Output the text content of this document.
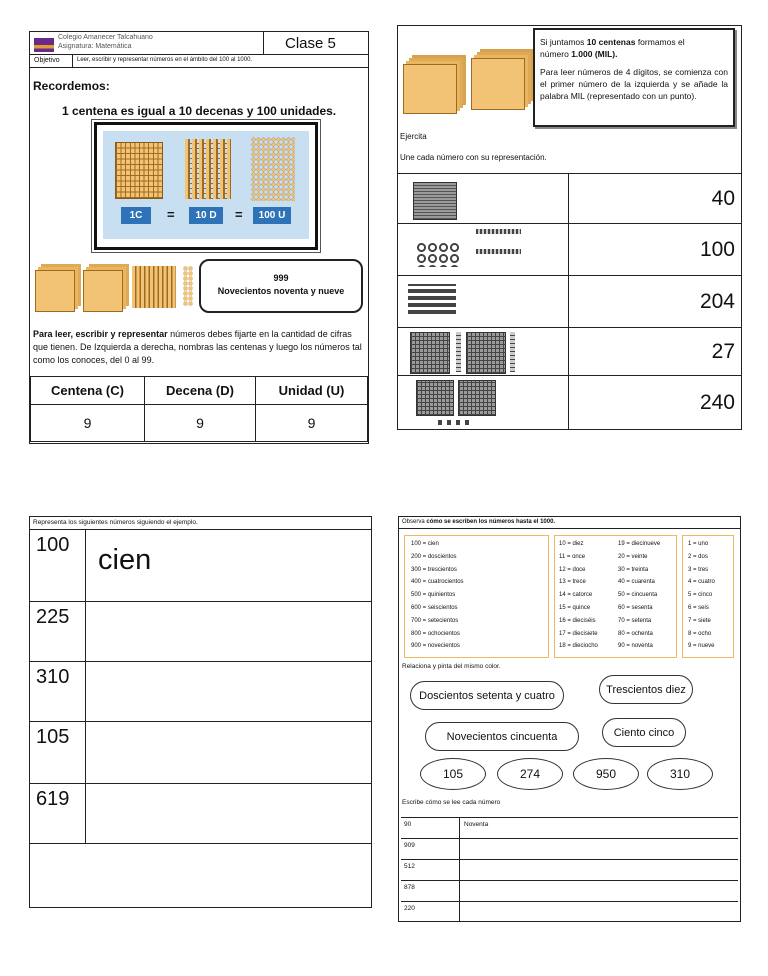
Colegio Amanecer Talcahuano
Asignatura: Matemática	Clase 5
Objetivo	Leer, escribir y representar números en el ámbito del 100 al 1000.
Recordemos:
1 centena es igual a 10 decenas y 100 unidades.
1C	=	10 D	=	100 U
999
Novecientos noventa y nueve
Para leer, escribir y representar números debes fijarte en la cantidad de cifras que tienen. De Izquierda a derecha, nombras las centenas y luego los números tal como los conoces, del 0 al 99.
Centena (C)	Decena (D)	Unidad (U)
9	9	9
Si juntamos 10 centenas formamos el
número 1.000 (MIL).
Para leer números de 4 dígitos, se comienza con el primer número de la izquierda y se añade la palabra MIL (representado con un punto).
Ejercita
Une cada número con su representación.
40
100
204
27
240
Representa los siguientes números siguiendo el ejemplo.
100 cien
225
310
105
619
Observa cómo se escriben los números hasta el 1000.
100 = cien
200 = doscientos
300 = trescientos
400 = cuatrocientos
500 = quinientos
600 = seiscientos
700 = setecientos
800 = ochocientos
900 = novecientos
10 = diez
11 = once
12 = doce
13 = trece
14 = catorce
15 = quince
16 = dieciséis
17 = diecisiete
18 = dieciocho
19 = diecinueve
20 = veinte
30 = treinta
40 = cuarenta
50 = cincuenta
60 = sesenta
70 = setenta
80 = ochenta
90 = noventa
1 = uno
2 = dos
3 = tres
4 = cuatro
5 = cinco
6 = seis
7 = siete
8 = ocho
9 = nueve
Relaciona y pinta del mismo color.
Doscientos setenta y cuatro	Trescientos diez
Novecientos cincuenta	Ciento cinco
105	274	950	310
Escribe cómo se lee cada número
90	Noventa
909
512
878
220
